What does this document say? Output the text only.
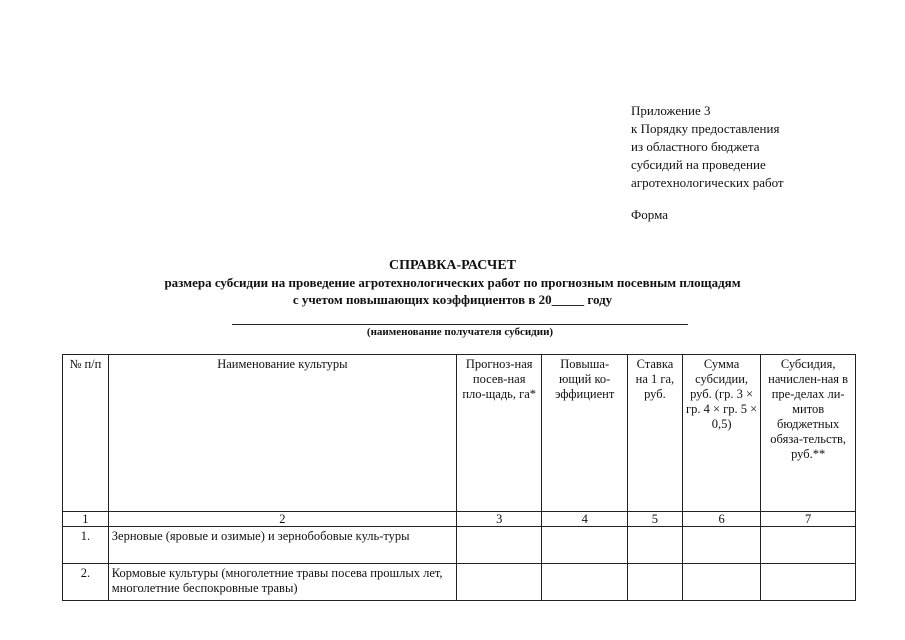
Приложение 3
к Порядку предоставления
из областного бюджета
субсидий на проведение
агротехнологических работ
Форма
СПРАВКА-РАСЧЕТ
размера субсидии на проведение агротехнологических работ по прогнозным посевным площадям
с учетом повышающих коэффициентов в 20_____ году
(наименование получателя субсидии)
№ п/п	Наименование культуры	Прогноз-ная посев-ная пло-щадь, га*	Повыша-ющий ко-эффициент	Ставка на 1 га, руб.	Сумма субсидии, руб. (гр. 3 × гр. 4 × гр. 5 × 0,5)	Субсидия, начислен-ная в пре-делах ли-митов бюджетных обяза-тельств, руб.**
1	2	3	4	5	6	7
1.	Зерновые (яровые и озимые) и зернобобовые куль-туры					
2.	Кормовые культуры (многолетние травы посева прошлых лет, многолетние беспокровные травы)					
